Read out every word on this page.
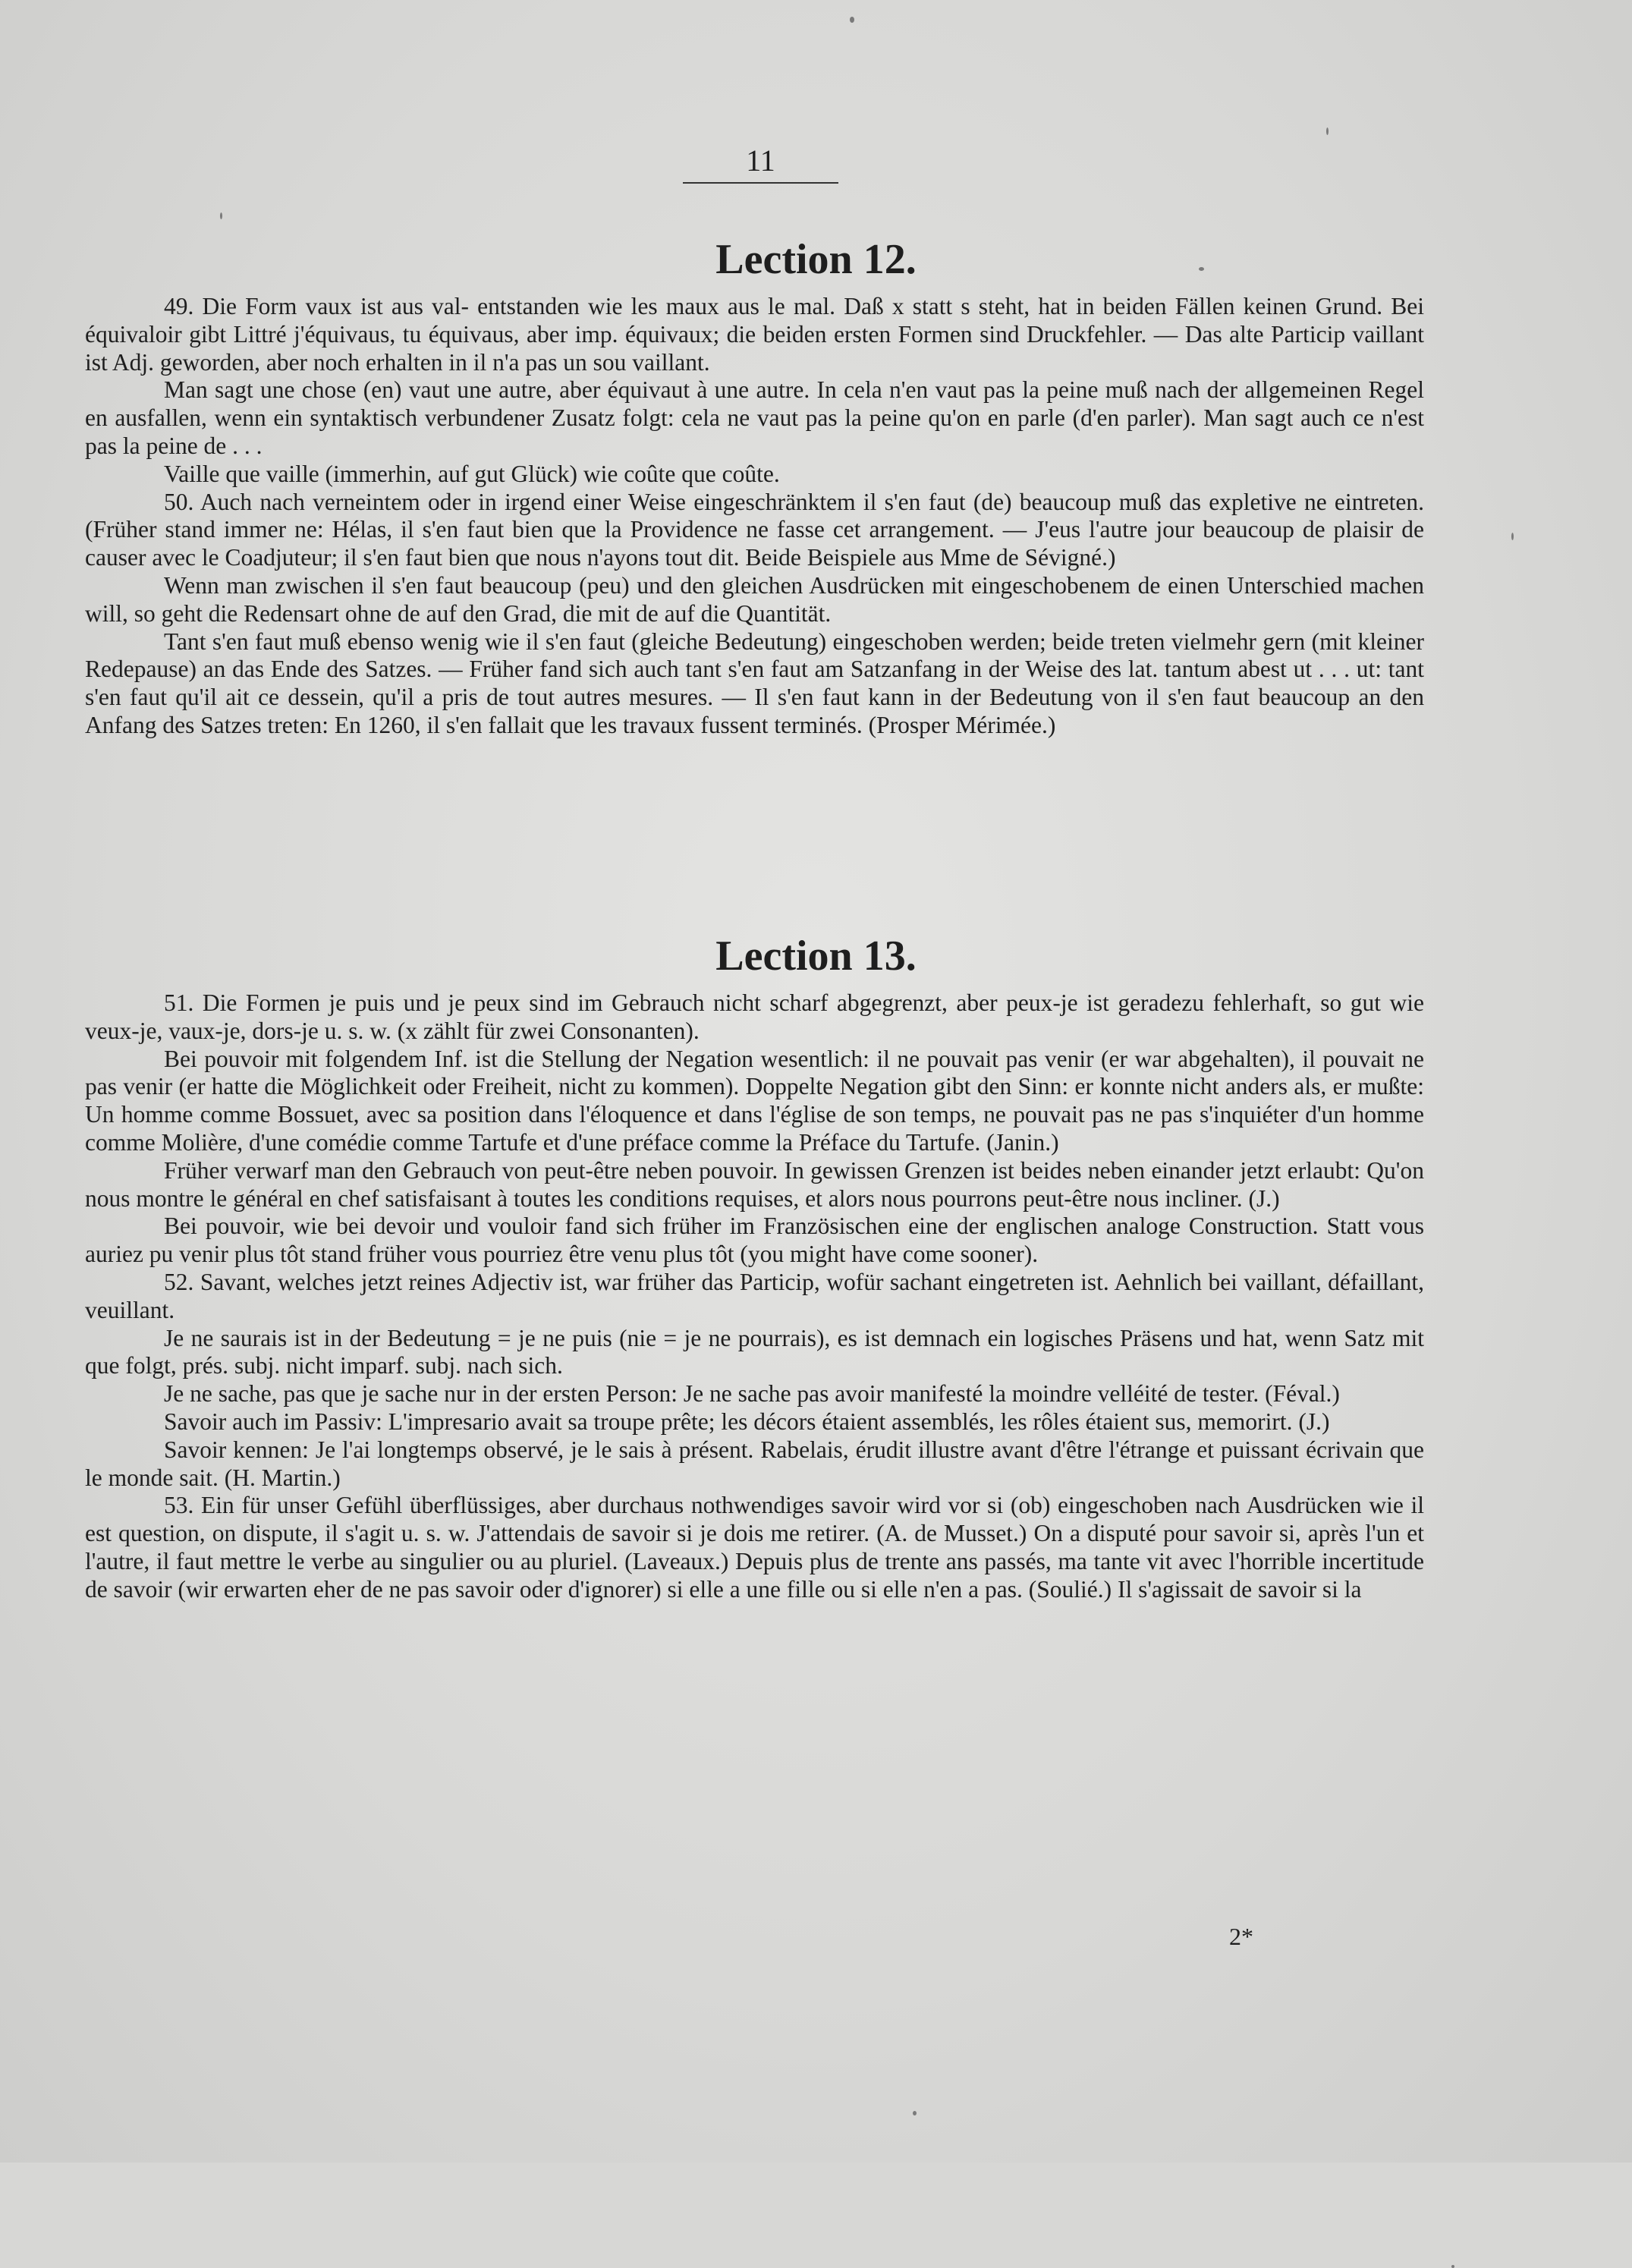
11
Lection 12.

49. Die Form vaux ist aus val- entstanden wie les maux aus le mal. Daß x statt s steht, hat in beiden Fällen keinen Grund. Bei équivaloir gibt Littré j'équivaus, tu équivaus, aber imp. équivaux; die beiden ersten Formen sind Druckfehler. — Das alte Particip vaillant ist Adj. geworden, aber noch erhalten in il n'a pas un sou vaillant.

Man sagt une chose (en) vaut une autre, aber équivaut à une autre. In cela n'en vaut pas la peine muß nach der allgemeinen Regel en ausfallen, wenn ein syntaktisch verbundener Zusatz folgt: cela ne vaut pas la peine qu'on en parle (d'en parler). Man sagt auch ce n'est pas la peine de . . .

Vaille que vaille (immerhin, auf gut Glück) wie coûte que coûte.

50. Auch nach verneintem oder in irgend einer Weise eingeschränktem il s'en faut (de) beaucoup muß das expletive ne eintreten. (Früher stand immer ne: Hélas, il s'en faut bien que la Providence ne fasse cet arrangement. — J'eus l'autre jour beaucoup de plaisir de causer avec le Coadjuteur; il s'en faut bien que nous n'ayons tout dit. Beide Beispiele aus Mme de Sévigné.)

Wenn man zwischen il s'en faut beaucoup (peu) und den gleichen Ausdrücken mit eingeschobenem de einen Unterschied machen will, so geht die Redensart ohne de auf den Grad, die mit de auf die Quantität.

Tant s'en faut muß ebenso wenig wie il s'en faut (gleiche Bedeutung) eingeschoben werden; beide treten vielmehr gern (mit kleiner Redepause) an das Ende des Satzes. — Früher fand sich auch tant s'en faut am Satzanfang in der Weise des lat. tantum abest ut . . . ut: tant s'en faut qu'il ait ce dessein, qu'il a pris de tout autres mesures. — Il s'en faut kann in der Bedeutung von il s'en faut beaucoup an den Anfang des Satzes treten: En 1260, il s'en fallait que les travaux fussent terminés. (Prosper Mérimée.)

Lection 13.

51. Die Formen je puis und je peux sind im Gebrauch nicht scharf abgegrenzt, aber peux-je ist geradezu fehlerhaft, so gut wie veux-je, vaux-je, dors-je u. s. w. (x zählt für zwei Consonanten).

Bei pouvoir mit folgendem Inf. ist die Stellung der Negation wesentlich: il ne pouvait pas venir (er war abgehalten), il pouvait ne pas venir (er hatte die Möglichkeit oder Freiheit, nicht zu kommen). Doppelte Negation gibt den Sinn: er konnte nicht anders als, er mußte: Un homme comme Bossuet, avec sa position dans l'éloquence et dans l'église de son temps, ne pouvait pas ne pas s'inquiéter d'un homme comme Molière, d'une comédie comme Tartufe et d'une préface comme la Préface du Tartufe. (Janin.)

Früher verwarf man den Gebrauch von peut-être neben pouvoir. In gewissen Grenzen ist beides neben einander jetzt erlaubt: Qu'on nous montre le général en chef satisfaisant à toutes les conditions requises, et alors nous pourrons peut-être nous incliner. (J.)

Bei pouvoir, wie bei devoir und vouloir fand sich früher im Französischen eine der englischen analoge Construction. Statt vous auriez pu venir plus tôt stand früher vous pourriez être venu plus tôt (you might have come sooner).

52. Savant, welches jetzt reines Adjectiv ist, war früher das Particip, wofür sachant eingetreten ist. Aehnlich bei vaillant, défaillant, veuillant.

Je ne saurais ist in der Bedeutung = je ne puis (nie = je ne pourrais), es ist demnach ein logisches Präsens und hat, wenn Satz mit que folgt, prés. subj. nicht imparf. subj. nach sich.

Je ne sache, pas que je sache nur in der ersten Person: Je ne sache pas avoir manifesté la moindre velléité de tester. (Féval.)

Savoir auch im Passiv: L'impresario avait sa troupe prête; les décors étaient assemblés, les rôles étaient sus, memorirt. (J.)

Savoir kennen: Je l'ai longtemps observé, je le sais à présent. Rabelais, érudit illustre avant d'être l'étrange et puissant écrivain que le monde sait. (H. Martin.)

53. Ein für unser Gefühl überflüssiges, aber durchaus nothwendiges savoir wird vor si (ob) eingeschoben nach Ausdrücken wie il est question, on dispute, il s'agit u. s. w. J'attendais de savoir si je dois me retirer. (A. de Musset.) On a disputé pour savoir si, après l'un et l'autre, il faut mettre le verbe au singulier ou au pluriel. (Laveaux.) Depuis plus de trente ans passés, ma tante vit avec l'horrible incertitude de savoir (wir erwarten eher de ne pas savoir oder d'ignorer) si elle a une fille ou si elle n'en a pas. (Soulié.) Il s'agissait de savoir si la

2*
